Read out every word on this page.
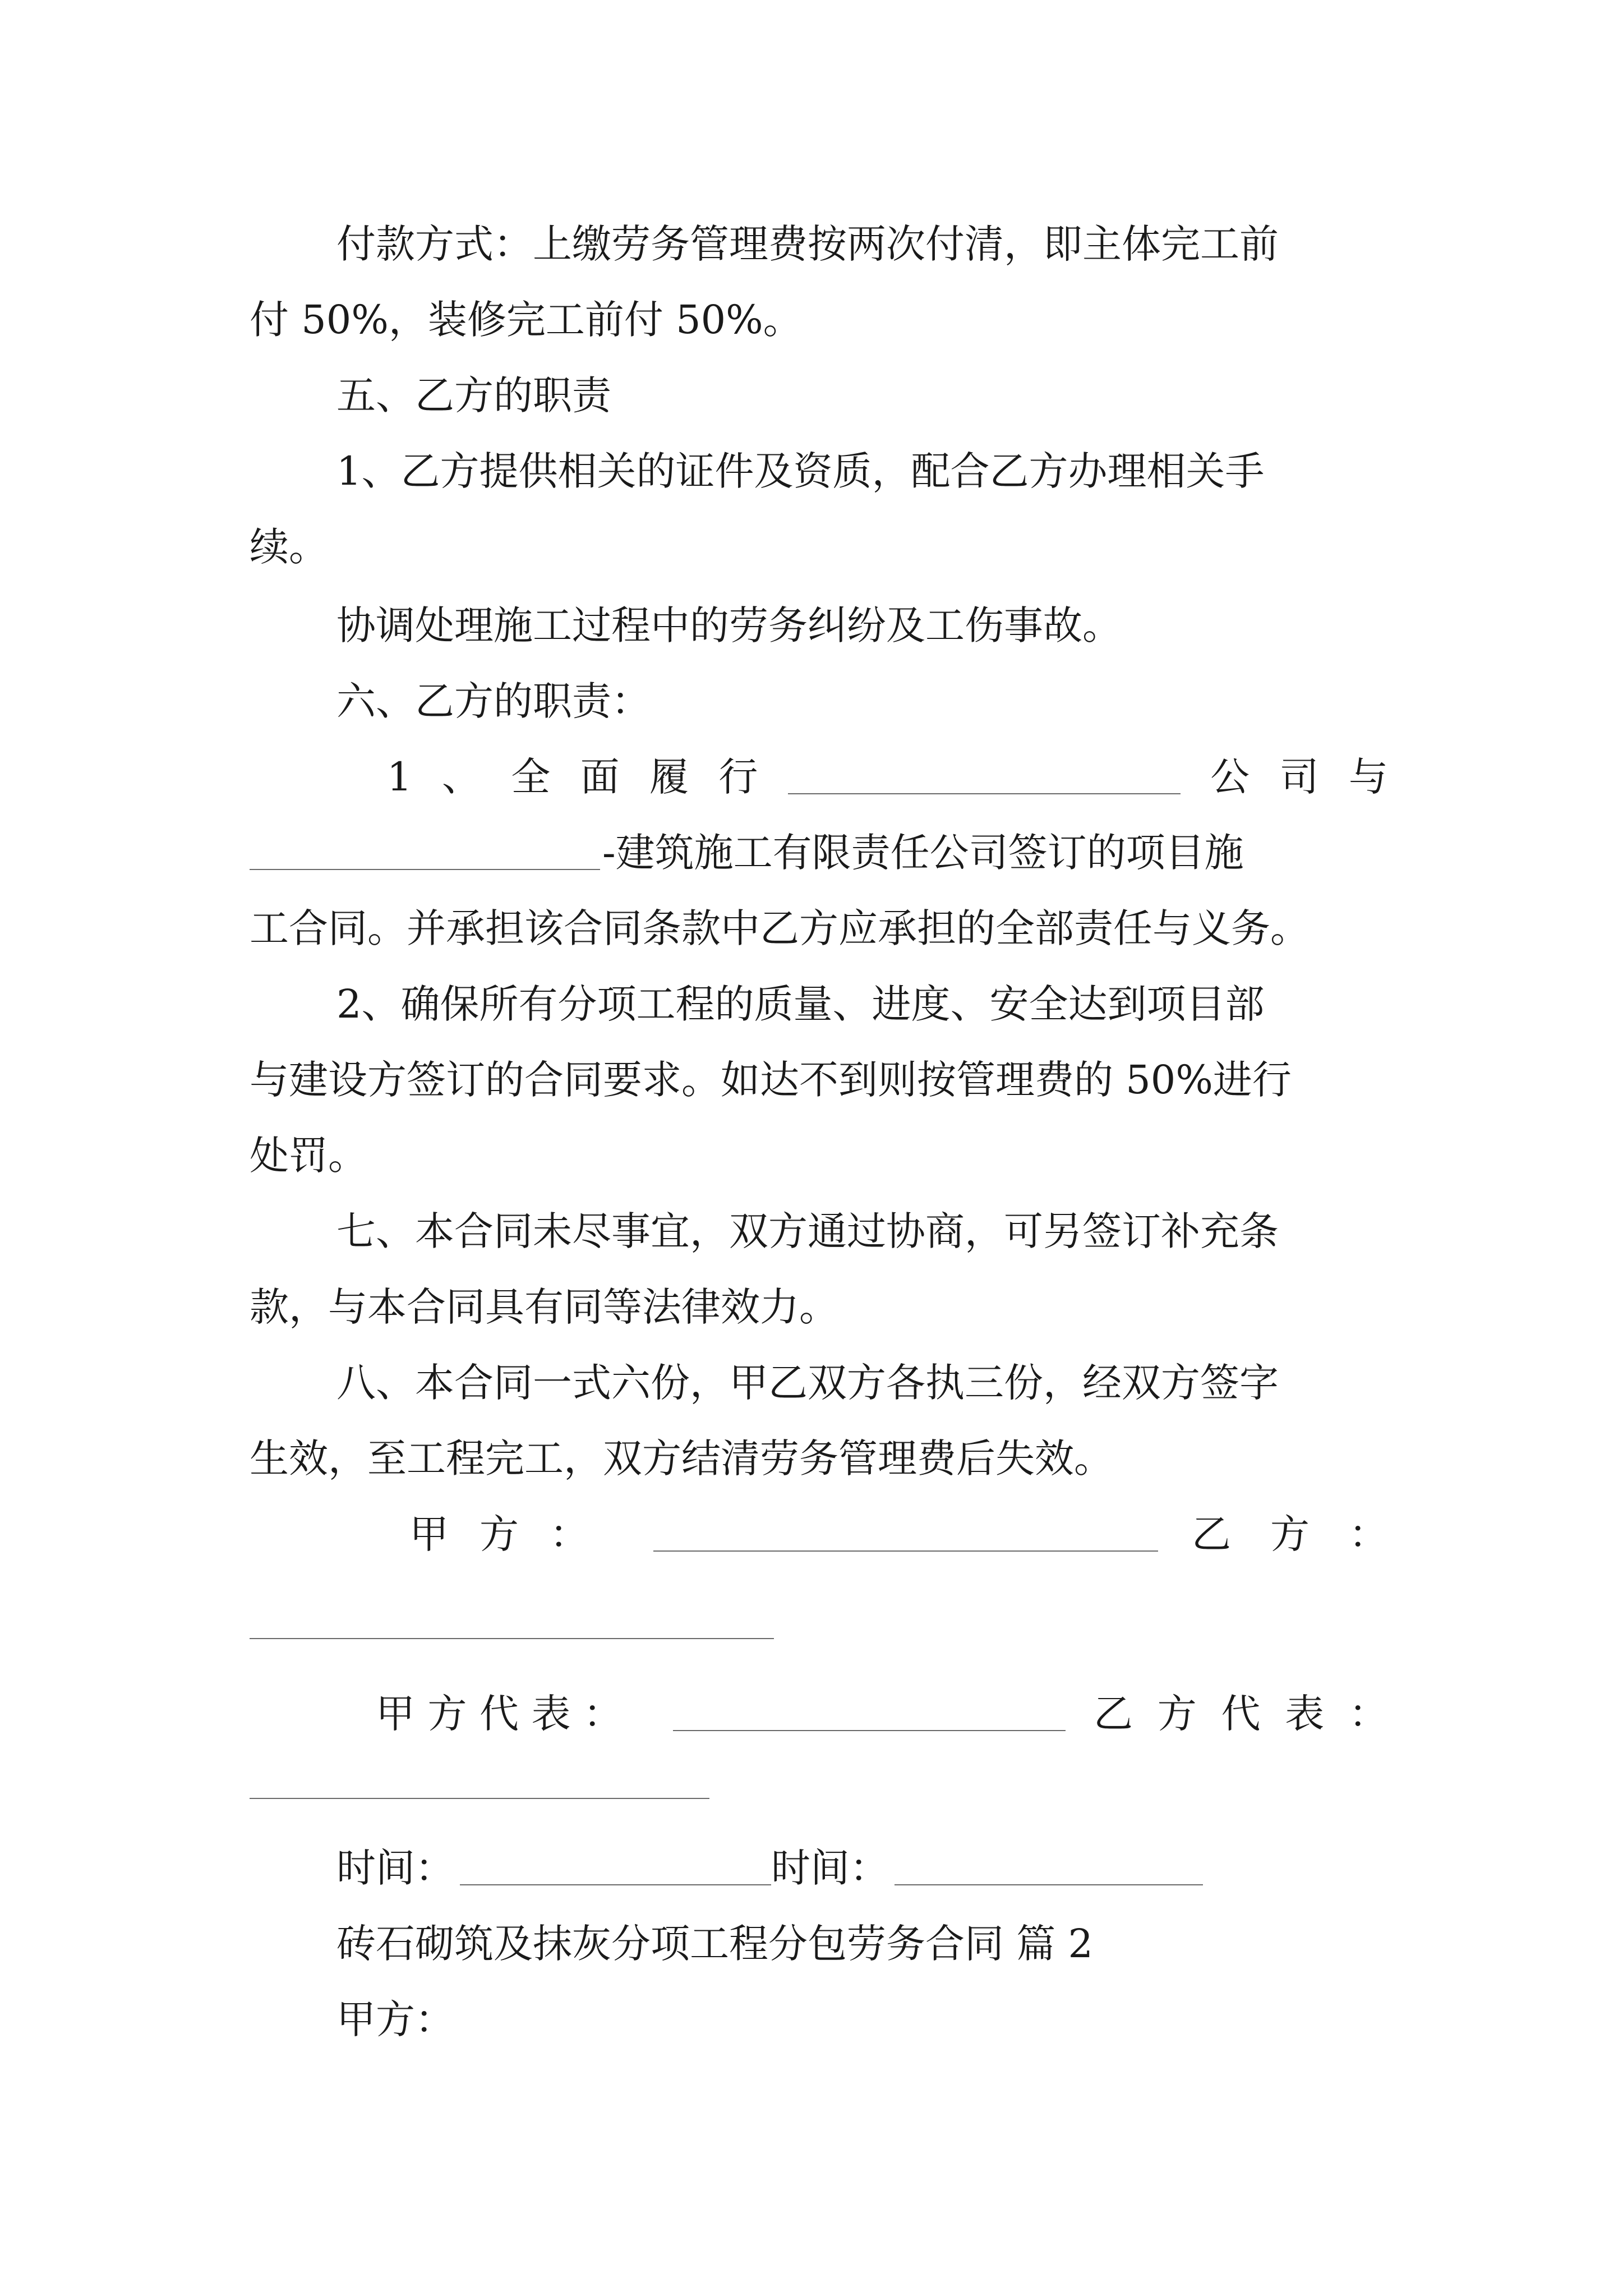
付款方式：上缴劳务管理费按两次付清，即主体完工前
付 50%，装修完工前付 50%。
五、乙方的职责
1、乙方提供相关的证件及资质，配合乙方办理相关手
续。
协调处理施工过程中的劳务纠纷及工伤事故。
六、乙方的职责：
1 、 全 面 履 行	公 司 与
-建筑施工有限责任公司签订的项目施
工合同。并承担该合同条款中乙方应承担的全部责任与义务。
2、确保所有分项工程的质量、进度、安全达到项目部
与建设方签订的合同要求。如达不到则按管理费的 50%进行
处罚。
七、本合同未尽事宜，双方通过协商，可另签订补充条
款，与本合同具有同等法律效力。
八、本合同一式六份，甲乙双方各执三份，经双方签字
生效，至工程完工，双方结清劳务管理费后失效。
甲 方 ：	乙 方 ：
甲 方 代 表 ：	乙 方 代 表 ：
时间：	时间：
砖石砌筑及抹灰分项工程分包劳务合同 篇 2
甲方：
